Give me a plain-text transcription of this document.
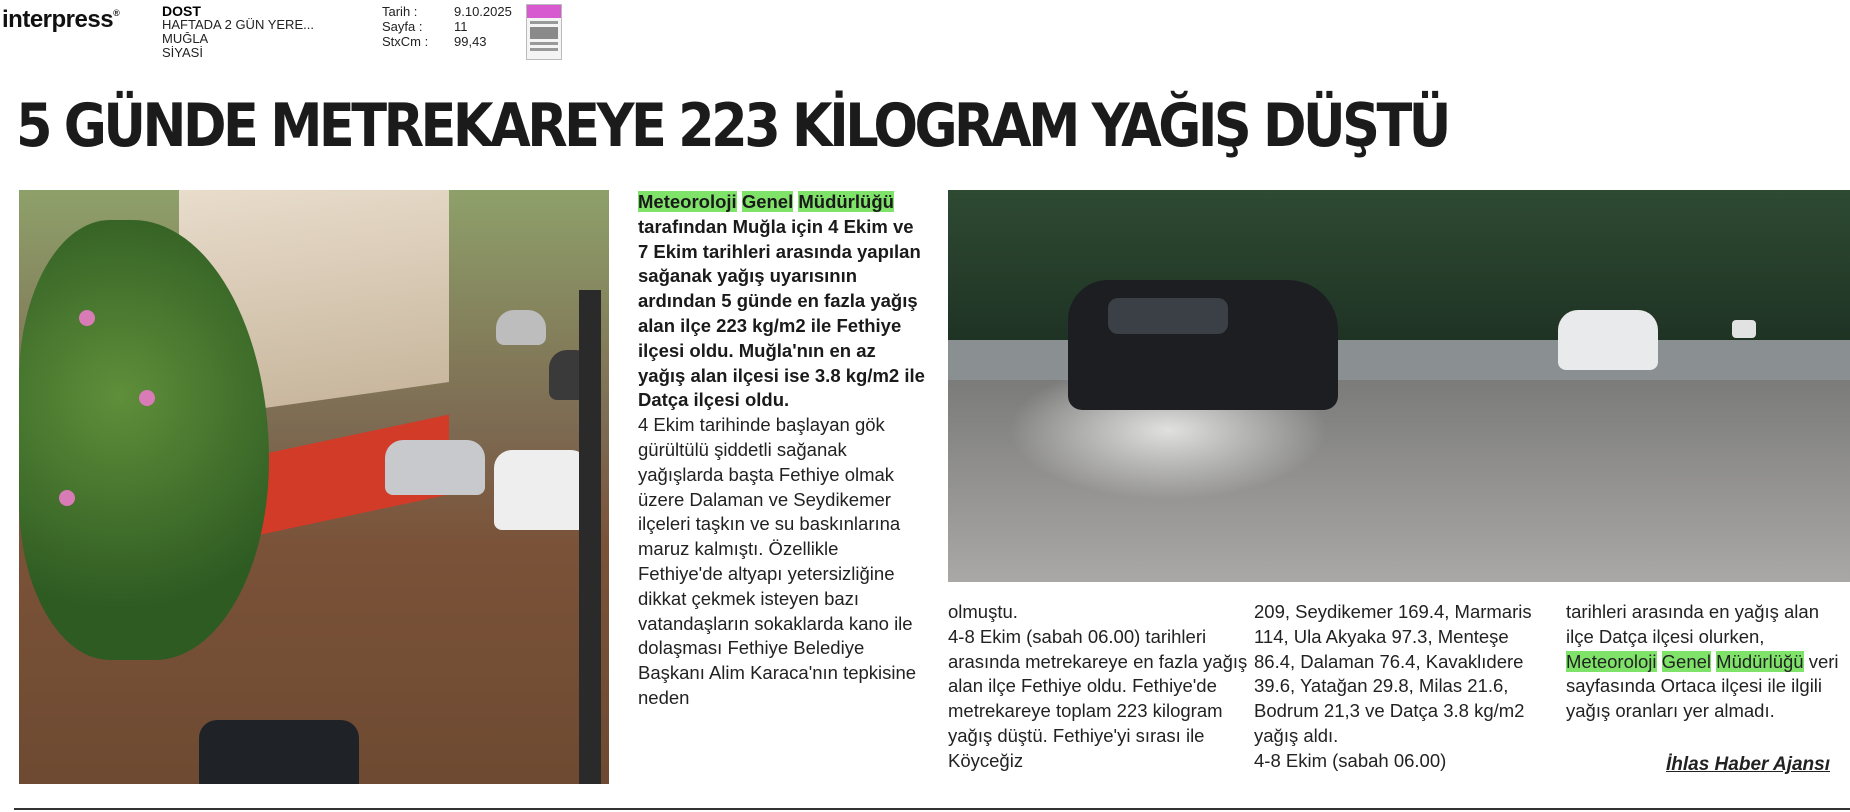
interpress®	DOST
HAFTADA 2 GÜN YERE...
MUĞLA
SİYASİ
Tarih :	9.10.2025
Sayfa :	11
StxCm :	99,43
5 GÜNDE METREKAREYE 223 KİLOGRAM YAĞIŞ DÜŞTÜ
Meteoroloji Genel Müdürlüğü tarafından Muğla için 4 Ekim ve 7 Ekim tarihleri arasında yapılan sağanak yağış uyarısının ardından 5 günde en fazla yağış alan ilçe 223 kg/m2 ile Fethiye ilçesi oldu. Muğla'nın en az yağış alan ilçesi ise 3.8 kg/m2 ile Datça ilçesi oldu.
4 Ekim tarihinde başlayan gök gürültülü şiddetli sağanak yağışlarda başta Fethiye olmak üzere Dalaman ve Seydikemer ilçeleri taşkın ve su baskınlarına maruz kalmıştı. Özellikle Fethiye'de altyapı yetersizliğine dikkat çekmek isteyen bazı vatandaşların sokaklarda kano ile dolaşması Fethiye Belediye Başkanı Alim Karaca'nın tepkisine neden
olmuştu.
4-8 Ekim (sabah 06.00) tarihleri arasında metrekareye en fazla yağış alan ilçe Fethiye oldu. Fethiye'de metrekareye toplam 223 kilogram yağış düştü. Fethiye'yi sırası ile Köyceğiz
209, Seydikemer 169.4, Marmaris 114, Ula Akyaka 97.3, Menteşe 86.4, Dalaman 76.4, Kavaklıdere 39.6, Yatağan 29.8, Milas 21.6, Bodrum 21,3 ve Datça 3.8 kg/m2 yağış aldı.
4-8 Ekim (sabah 06.00)
tarihleri arasında en yağış alan ilçe Datça ilçesi olurken, Meteoroloji Genel Müdürlüğü veri sayfasında Ortaca ilçesi ile ilgili yağış oranları yer almadı.
İhlas Haber Ajansı
